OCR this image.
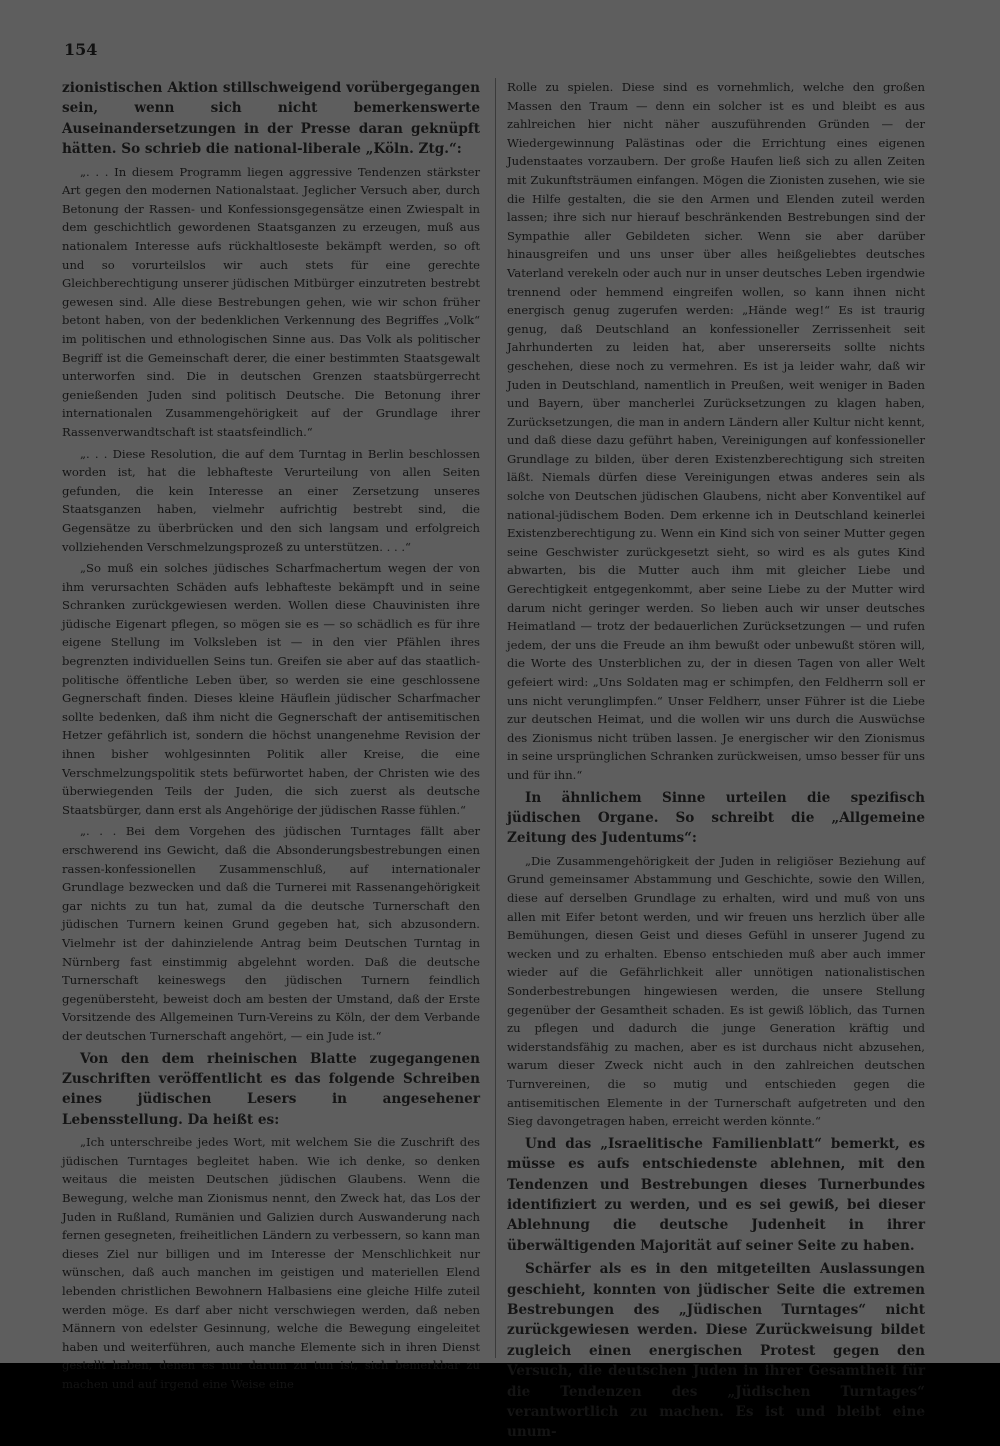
154

zionistischen Aktion stillschweigend vorübergegangen sein, wenn sich nicht bemerkenswerte Auseinandersetzungen in der Presse daran geknüpft hätten. So schrieb die national-liberale „Köln. Ztg.“:

„. . . In diesem Programm liegen aggressive Tendenzen stärkster Art gegen den modernen Nationalstaat. Jeglicher Versuch aber, durch Betonung der Rassen- und Konfessionsgegensätze einen Zwiespalt in dem geschichtlich gewordenen Staatsganzen zu erzeugen, muß aus nationalem Interesse aufs rückhaltloseste bekämpft werden, so oft und so vorurteilslos wir auch stets für eine gerechte Gleichberechtigung unserer jüdischen Mitbürger einzutreten bestrebt gewesen sind. Alle diese Bestrebungen gehen, wie wir schon früher betont haben, von der bedenklichen Verkennung des Begriffes „Volk“ im politischen und ethnologischen Sinne aus. Das Volk als politischer Begriff ist die Gemeinschaft derer, die einer bestimmten Staatsgewalt unterworfen sind. Die in deutschen Grenzen staatsbürgerrecht genießenden Juden sind politisch Deutsche. Die Betonung ihrer internationalen Zusammengehörigkeit auf der Grundlage ihrer Rassenverwandtschaft ist staatsfeindlich.“

„. . . Diese Resolution, die auf dem Turntag in Berlin beschlossen worden ist, hat die lebhafteste Verurteilung von allen Seiten gefunden, die kein Interesse an einer Zersetzung unseres Staatsganzen haben, vielmehr aufrichtig bestrebt sind, die Gegensätze zu überbrücken und den sich langsam und erfolgreich vollziehenden Verschmelzungsprozeß zu unterstützen. . . .“

„So muß ein solches jüdisches Scharfmachertum wegen der von ihm verursachten Schäden aufs lebhafteste bekämpft und in seine Schranken zurückgewiesen werden. Wollen diese Chauvinisten ihre jüdische Eigenart pflegen, so mögen sie es — so schädlich es für ihre eigene Stellung im Volksleben ist — in den vier Pfählen ihres begrenzten individuellen Seins tun. Greifen sie aber auf das staatlich-politische öffentliche Leben über, so werden sie eine geschlossene Gegnerschaft finden. Dieses kleine Häuflein jüdischer Scharfmacher sollte bedenken, daß ihm nicht die Gegnerschaft der antisemitischen Hetzer gefährlich ist, sondern die höchst unangenehme Revision der ihnen bisher wohlgesinnten Politik aller Kreise, die eine Verschmelzungspolitik stets befürwortet haben, der Christen wie des überwiegenden Teils der Juden, die sich zuerst als deutsche Staatsbürger, dann erst als Angehörige der jüdischen Rasse fühlen.“

„. . . Bei dem Vorgehen des jüdischen Turntages fällt aber erschwerend ins Gewicht, daß die Absonderungsbestrebungen einen rassen-konfessionellen Zusammenschluß, auf internationaler Grundlage bezwecken und daß die Turnerei mit Rassenangehörigkeit gar nichts zu tun hat, zumal da die deutsche Turnerschaft den jüdischen Turnern keinen Grund gegeben hat, sich abzusondern. Vielmehr ist der dahinzielende Antrag beim Deutschen Turntag in Nürnberg fast einstimmig abgelehnt worden. Daß die deutsche Turnerschaft keineswegs den jüdischen Turnern feindlich gegenübersteht, beweist doch am besten der Umstand, daß der Erste Vorsitzende des Allgemeinen Turn-Vereins zu Köln, der dem Verbande der deutschen Turnerschaft angehört, — ein Jude ist.“

Von den dem rheinischen Blatte zugegangenen Zuschriften veröffentlicht es das folgende Schreiben eines jüdischen Lesers in angesehener Lebensstellung. Da heißt es:

„Ich unterschreibe jedes Wort, mit welchem Sie die Zuschrift des jüdischen Turntages begleitet haben. Wie ich denke, so denken weitaus die meisten Deutschen jüdischen Glaubens. Wenn die Bewegung, welche man Zionismus nennt, den Zweck hat, das Los der Juden in Rußland, Rumänien und Galizien durch Auswanderung nach fernen gesegneten, freiheitlichen Ländern zu verbessern, so kann man dieses Ziel nur billigen und im Interesse der Menschlichkeit nur wünschen, daß auch manchen im geistigen und materiellen Elend lebenden christlichen Bewohnern Halbasiens eine gleiche Hilfe zuteil werden möge. Es darf aber nicht verschwiegen werden, daß neben Männern von edelster Gesinnung, welche die Bewegung eingeleitet haben und weiterführen, auch manche Elemente sich in ihren Dienst gestellt haben, denen es nur darum zu tun ist, sich bemerkbar zu machen und auf irgend eine Weise eine

Rolle zu spielen. Diese sind es vornehmlich, welche den großen Massen den Traum — denn ein solcher ist es und bleibt es aus zahlreichen hier nicht näher auszuführenden Gründen — der Wiedergewinnung Palästinas oder die Errichtung eines eigenen Judenstaates vorzaubern. Der große Haufen ließ sich zu allen Zeiten mit Zukunftsträumen einfangen. Mögen die Zionisten zusehen, wie sie die Hilfe gestalten, die sie den Armen und Elenden zuteil werden lassen; ihre sich nur hierauf beschränkenden Bestrebungen sind der Sympathie aller Gebildeten sicher. Wenn sie aber darüber hinausgreifen und uns unser über alles heißgeliebtes deutsches Vaterland verekeln oder auch nur in unser deutsches Leben irgendwie trennend oder hemmend eingreifen wollen, so kann ihnen nicht energisch genug zugerufen werden: „Hände weg!“ Es ist traurig genug, daß Deutschland an konfessioneller Zerrissenheit seit Jahrhunderten zu leiden hat, aber unsererseits sollte nichts geschehen, diese noch zu vermehren. Es ist ja leider wahr, daß wir Juden in Deutschland, namentlich in Preußen, weit weniger in Baden und Bayern, über mancherlei Zurücksetzungen zu klagen haben, Zurücksetzungen, die man in andern Ländern aller Kultur nicht kennt, und daß diese dazu geführt haben, Vereinigungen auf konfessioneller Grundlage zu bilden, über deren Existenzberechtigung sich streiten läßt. Niemals dürfen diese Vereinigungen etwas anderes sein als solche von Deutschen jüdischen Glaubens, nicht aber Konventikel auf national-jüdischem Boden. Dem erkenne ich in Deutschland keinerlei Existenzberechtigung zu. Wenn ein Kind sich von seiner Mutter gegen seine Geschwister zurückgesetzt sieht, so wird es als gutes Kind abwarten, bis die Mutter auch ihm mit gleicher Liebe und Gerechtigkeit entgegenkommt, aber seine Liebe zu der Mutter wird darum nicht geringer werden. So lieben auch wir unser deutsches Heimatland — trotz der bedauerlichen Zurücksetzungen — und rufen jedem, der uns die Freude an ihm bewußt oder unbewußt stören will, die Worte des Unsterblichen zu, der in diesen Tagen von aller Welt gefeiert wird: „Uns Soldaten mag er schimpfen, den Feldherrn soll er uns nicht verunglimpfen.“ Unser Feldherr, unser Führer ist die Liebe zur deutschen Heimat, und die wollen wir uns durch die Auswüchse des Zionismus nicht trüben lassen. Je energischer wir den Zionismus in seine ursprünglichen Schranken zurückweisen, umso besser für uns und für ihn.“

In ähnlichem Sinne urteilen die spezifisch jüdischen Organe. So schreibt die „Allgemeine Zeitung des Judentums“:

„Die Zusammengehörigkeit der Juden in religiöser Beziehung auf Grund gemeinsamer Abstammung und Geschichte, sowie den Willen, diese auf derselben Grundlage zu erhalten, wird und muß von uns allen mit Eifer betont werden, und wir freuen uns herzlich über alle Bemühungen, diesen Geist und dieses Gefühl in unserer Jugend zu wecken und zu erhalten. Ebenso entschieden muß aber auch immer wieder auf die Gefährlichkeit aller unnötigen nationalistischen Sonderbestrebungen hingewiesen werden, die unsere Stellung gegenüber der Gesamtheit schaden. Es ist gewiß löblich, das Turnen zu pflegen und dadurch die junge Generation kräftig und widerstandsfähig zu machen, aber es ist durchaus nicht abzusehen, warum dieser Zweck nicht auch in den zahlreichen deutschen Turnvereinen, die so mutig und entschieden gegen die antisemitischen Elemente in der Turnerschaft aufgetreten und den Sieg davongetragen haben, erreicht werden könnte.“

Und das „Israelitische Familienblatt“ bemerkt, es müsse es aufs entschiedenste ablehnen, mit den Tendenzen und Bestrebungen dieses Turnerbundes identifiziert zu werden, und es sei gewiß, bei dieser Ablehnung die deutsche Judenheit in ihrer überwältigenden Majorität auf seiner Seite zu haben.

Schärfer als es in den mitgeteilten Auslassungen geschieht, konnten von jüdischer Seite die extremen Bestrebungen des „Jüdischen Turntages“ nicht zurückgewiesen werden. Diese Zurückweisung bildet zugleich einen energischen Protest gegen den Versuch, die deutschen Juden in ihrer Gesamtheit für die Tendenzen des „Jüdischen Turntages“ verantwortlich zu machen. Es ist und bleibt eine unum-
